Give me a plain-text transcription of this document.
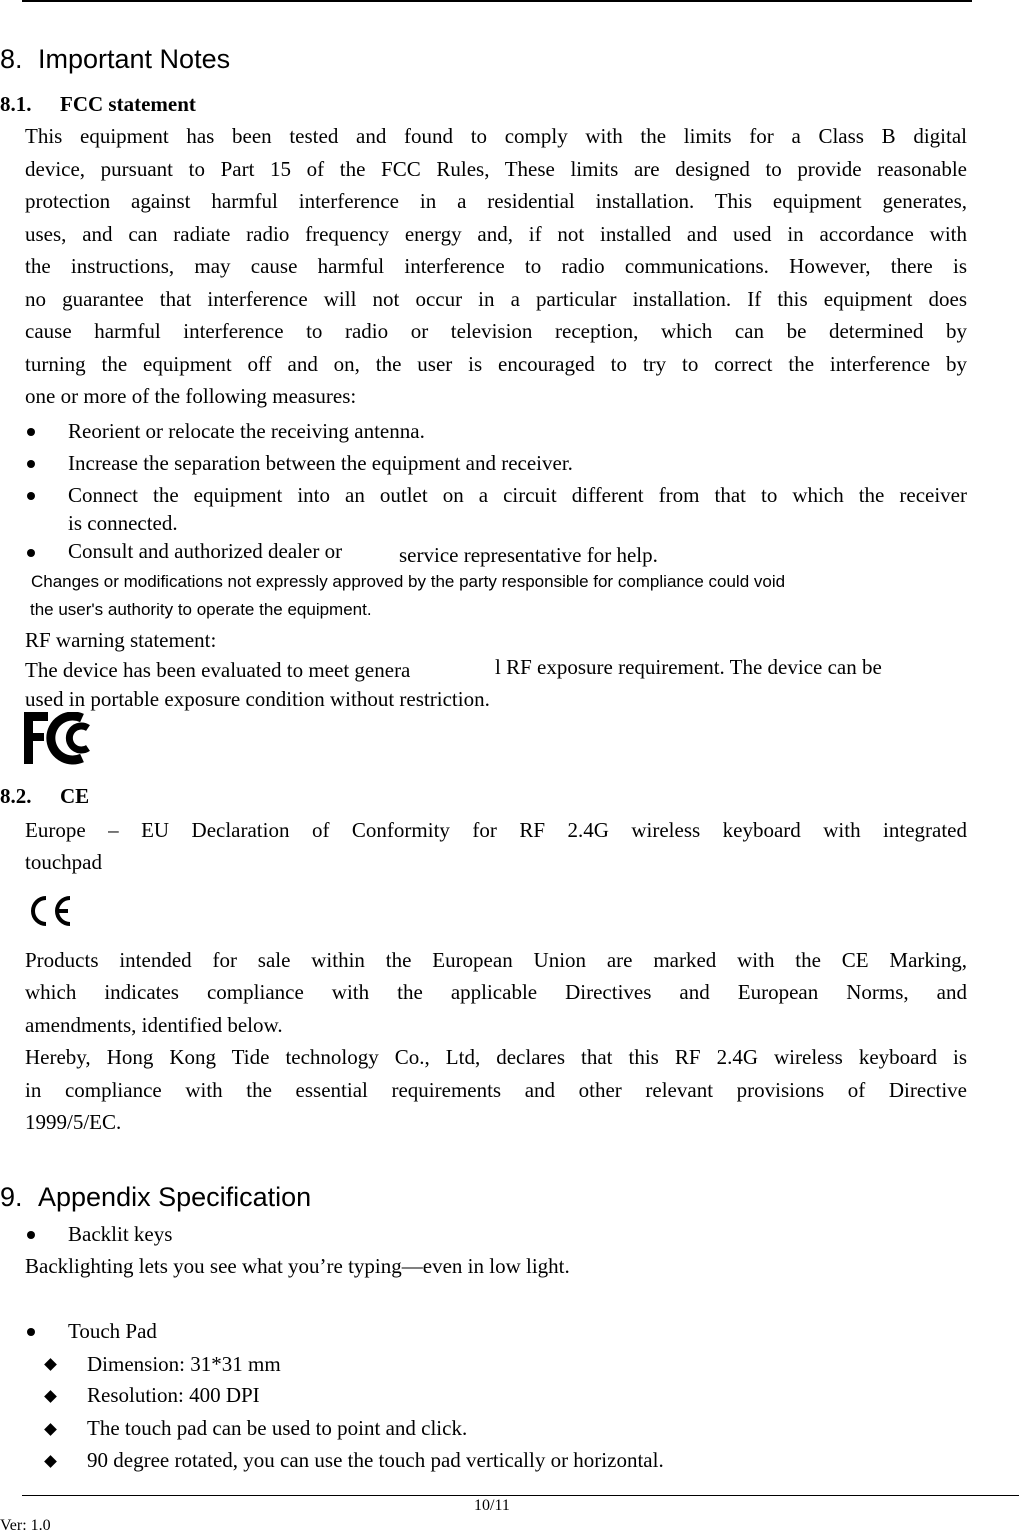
8. Important Notes
8.1. FCC statement
This equipment has been tested and found to comply with the limits for a Class B digital
device, pursuant to Part 15 of the FCC Rules, These limits are designed to provide reasonable
protection against harmful interference in a residential installation. This equipment generates,
uses, and can radiate radio frequency energy and, if not installed and used in accordance with
the instructions, may cause harmful interference to radio communications. However, there is
no guarantee that interference will not occur in a particular installation. If this equipment does
cause harmful interference to radio or television reception, which can be determined by
turning the equipment off and on, the user is encouraged to try to correct the interference by
one or more of the following measures:
Reorient or relocate the receiving antenna.
Increase the separation between the equipment and receiver.
Connect the equipment into an outlet on a circuit different from that to which the receiver
is connected.
Consult and authorized dealer or	service representative for help.
Changes or modifications not expressly approved by the party responsible for compliance could void
the user's authority to operate the equipment.
RF warning statement:
The device has been evaluated to meet genera	l RF exposure requirement. The device can be
used in portable exposure condition without restriction.
8.2. CE
Europe – EU Declaration of Conformity for RF 2.4G wireless keyboard with integrated
touchpad
Products intended for sale within the European Union are marked with the CE Marking,
which indicates compliance with the applicable Directives and European Norms, and
amendments, identified below.
Hereby, Hong Kong Tide technology Co., Ltd, declares that this RF 2.4G wireless keyboard is
in compliance with the essential requirements and other relevant provisions of Directive
1999/5/EC.
9. Appendix Specification
Backlit keys
Backlighting lets you see what you’re typing—even in low light.
Touch Pad
Dimension: 31*31 mm
Resolution: 400 DPI
The touch pad can be used to point and click.
90 degree rotated, you can use the touch pad vertically or horizontal.
10/11
Ver: 1.0
